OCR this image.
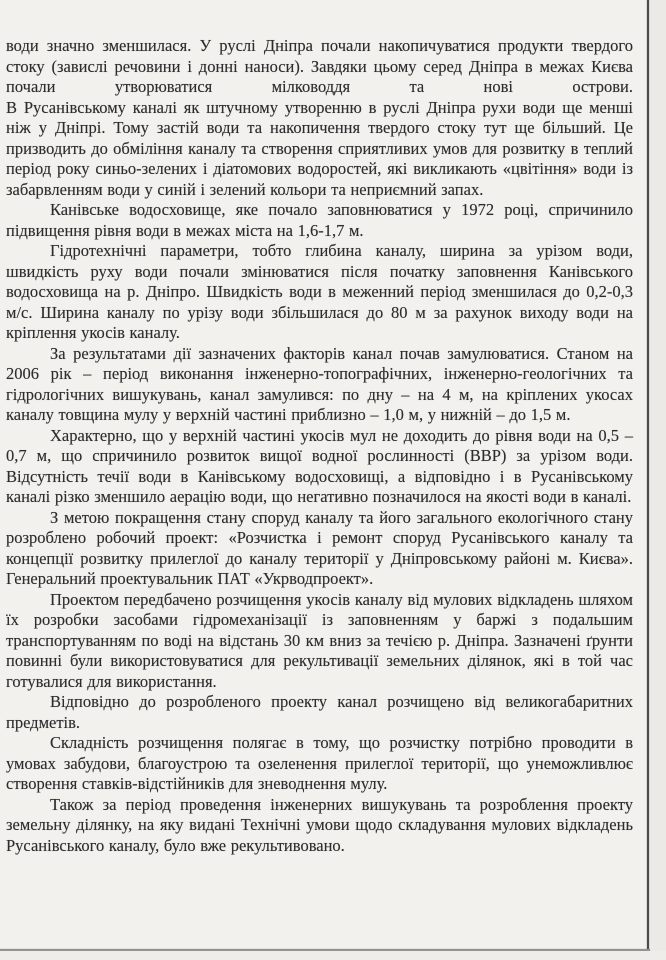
води значно зменшилася. У руслі Дніпра почали накопичуватися продукти твердого стоку (завислі речовини і донні наноси). Завдяки цьому серед Дніпра в межах Києва почали утворюватися мілководдя та нові острови.

В Русанівському каналі як штучному утворенню в руслі Дніпра рухи води ще менші ніж у Дніпрі. Тому застій води та накопичення твердого стоку тут ще більший. Це призводить до обміління каналу та створення сприятливих умов для розвитку в теплий період року синьо-зелених і діатомових водоростей, які викликають «цвітіння» води із забарвленням води у синій і зелений кольори та неприємний запах.

Канівське водосховище, яке почало заповнюватися у 1972 році, спричинило підвищення рівня води в межах міста на 1,6-1,7 м.

Гідротехнічні параметри, тобто глибина каналу, ширина за урізом води, швидкість руху води почали змінюватися після початку заповнення Канівського водосховища на р. Дніпро. Швидкість води в меженний період зменшилася до 0,2-0,3 м/с. Ширина каналу по урізу води збільшилася до 80 м за рахунок виходу води на кріплення укосів каналу.

За результатами дії зазначених факторів канал почав замулюватися. Станом на 2006 рік – період виконання інженерно-топографічних, інженерно-геологічних та гідрологічних вишукувань, канал замулився: по дну – на 4 м, на кріплених укосах каналу товщина мулу у верхній частині приблизно – 1,0 м, у нижній – до 1,5 м.

Характерно, що у верхній частині укосів мул не доходить до рівня води на 0,5 – 0,7 м, що спричинило розвиток вищої водної рослинності (ВВР) за урізом води. Відсутність течії води в Канівському водосховищі, а відповідно і в Русанівському каналі різко зменшило аерацію води, що негативно позначилося на якості води в каналі.

З метою покращення стану споруд каналу та його загального екологічного стану розроблено робочий проект: «Розчистка і ремонт споруд Русанівського каналу та концепції розвитку прилеглої до каналу території у Дніпровському районі м. Києва». Генеральний проектувальник ПАТ «Укрводпроект».

Проектом передбачено розчищення укосів каналу від мулових відкладень шляхом їх розробки засобами гідромеханізації із заповненням у баржі з подальшим транспортуванням по воді на відстань 30 км вниз за течією р. Дніпра. Зазначені ґрунти повинні були використовуватися для рекультивації земельних ділянок, які в той час готувалися для використання.

Відповідно до розробленого проекту канал розчищено від великогабаритних предметів.

Складність розчищення полягає в тому, що розчистку потрібно проводити в умовах забудови, благоустрою та озеленення прилеглої території, що унеможливлює створення ставків-відстійників для зневоднення мулу.

Також за період проведення інженерних вишукувань та розроблення проекту земельну ділянку, на яку видані Технічні умови щодо складування мулових відкладень Русанівського каналу, було вже рекультивовано.
